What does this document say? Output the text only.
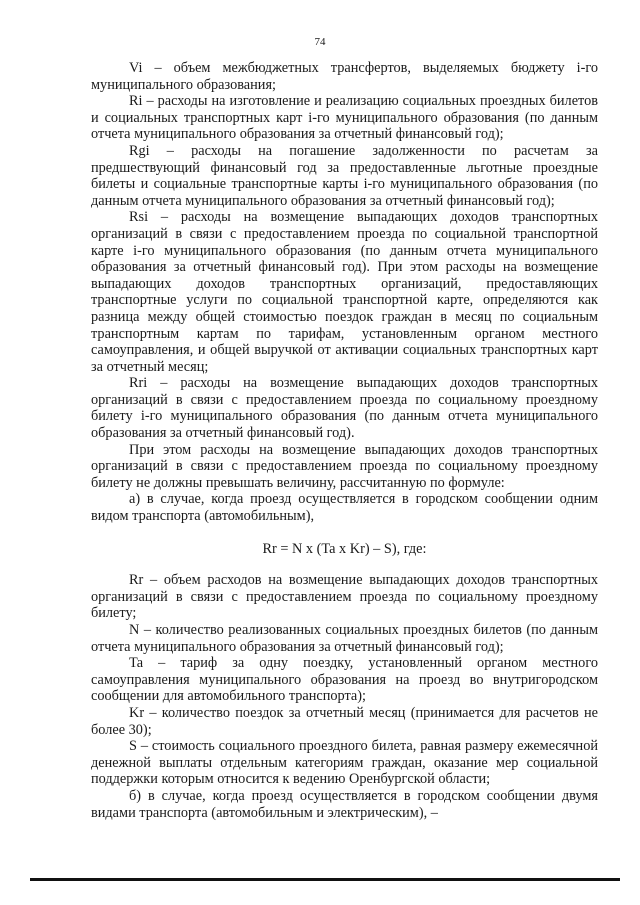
74

Vi – объем межбюджетных трансфертов, выделяемых бюджету i-го муниципального образования;

Ri – расходы на изготовление и реализацию социальных проездных билетов и социальных транспортных карт i-го муниципального образования (по данным отчета муниципального образования за отчетный финансовый год);

Rgi – расходы на погашение задолженности по расчетам за предшествующий финансовый год за предоставленные льготные проездные билеты и социальные транспортные карты i-го муниципального образования (по данным отчета муниципального образования за отчетный финансовый год);

Rsi – расходы на возмещение выпадающих доходов транспортных организаций в связи с предоставлением проезда по социальной транспортной карте i-го муниципального образования (по данным отчета муниципального образования за отчетный финансовый год). При этом расходы на возмещение выпадающих доходов транспортных организаций, предоставляющих транспортные услуги по социальной транспортной карте, определяются как разница между общей стоимостью поездок граждан в месяц по социальным транспортным картам по тарифам, установленным органом местного самоуправления, и общей выручкой от активации социальных транспортных карт за отчетный месяц;

Rri – расходы на возмещение выпадающих доходов транспортных организаций в связи с предоставлением проезда по социальному проездному билету i-го муниципального образования (по данным отчета муниципального образования за отчетный финансовый год).

При этом расходы на возмещение выпадающих доходов транспортных организаций в связи с предоставлением проезда по социальному проездному билету не должны превышать величину, рассчитанную по формуле:

а) в случае, когда проезд осуществляется в городском сообщении одним видом транспорта (автомобильным),

Rr = N x (Ta x Kr) – S), где:

Rr – объем расходов на возмещение выпадающих доходов транспортных организаций в связи с предоставлением проезда по социальному проездному билету;

N – количество реализованных социальных проездных билетов (по данным отчета муниципального образования за отчетный финансовый год);

Ta – тариф за одну поездку, установленный органом местного самоуправления муниципального образования на проезд во внутригородском сообщении для автомобильного транспорта);

Kr – количество поездок за отчетный месяц (принимается для расчетов не более 30);

S – стоимость социального проездного билета, равная размеру ежемесячной денежной выплаты отдельным категориям граждан, оказание мер социальной поддержки которым относится к ведению Оренбургской области;

б) в случае, когда проезд осуществляется в городском сообщении двумя видами транспорта (автомобильным и электрическим), –
